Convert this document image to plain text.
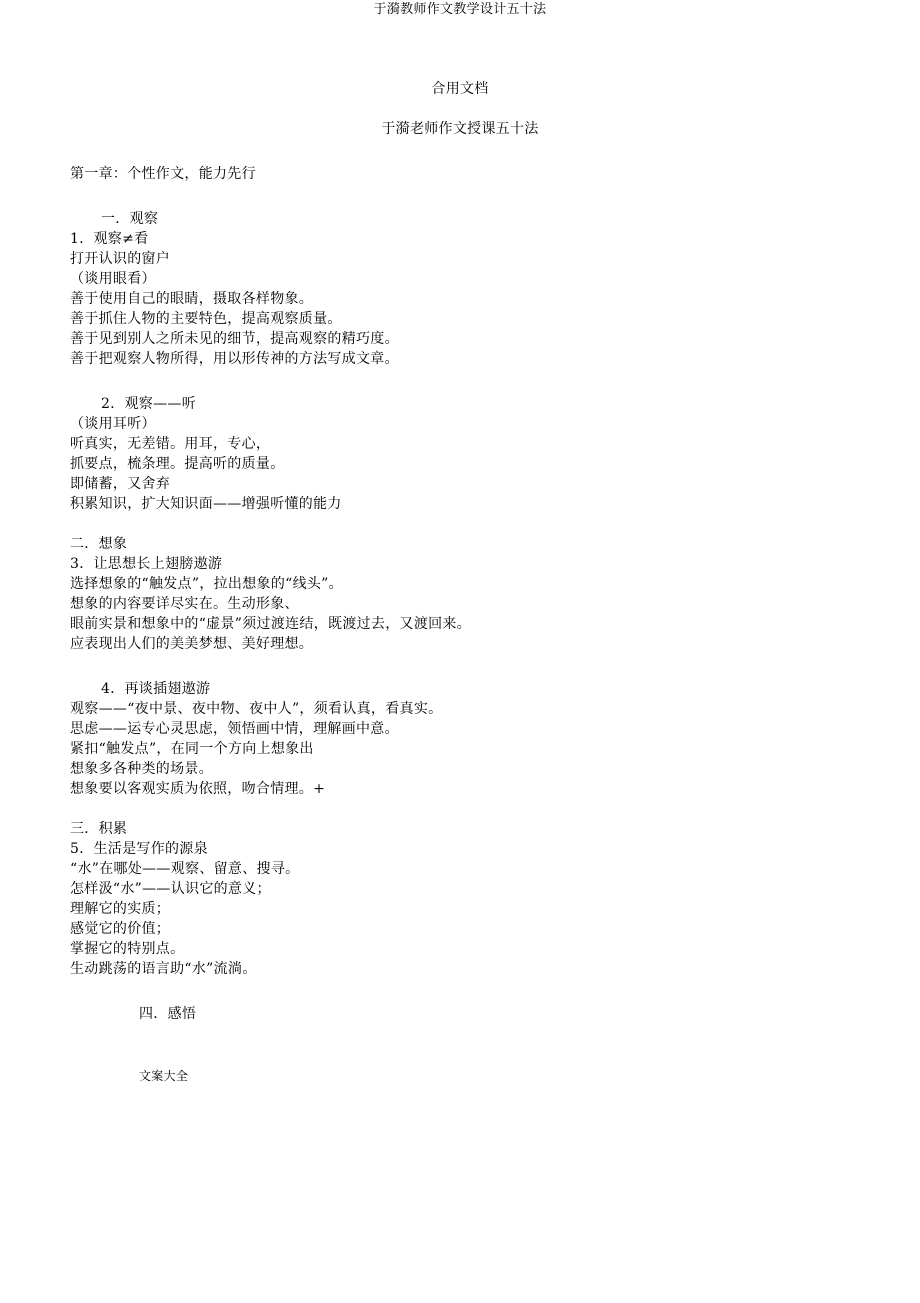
于漪教师作文教学设计五十法
合用文档
于漪老师作文授课五十法
第一章：个性作文，能力先行
一．观察
1．观察≠看
打开认识的窗户
（谈用眼看）
善于使用自己的眼睛，摄取各样物象。
善于抓住人物的主要特色，提高观察质量。
善于见到别人之所未见的细节，提高观察的精巧度。
善于把观察人物所得，用以形传神的方法写成文章。
2．观察——听
（谈用耳听）
听真实，无差错。用耳，专心，
抓要点，梳条理。提高听的质量。
即储蓄，又舍弃
积累知识，扩大知识面——增强听懂的能力
二．想象
3．让思想长上翅膀遨游
选择想象的“触发点”，拉出想象的“线头”。
想象的内容要详尽实在。生动形象、
眼前实景和想象中的“虚景”须过渡连结，既渡过去，又渡回来。
应表现出人们的美美梦想、美好理想。
4．再谈插翅遨游
观察——“夜中景、夜中物、夜中人”，须看认真，看真实。
思虑——运专心灵思虑，领悟画中情，理解画中意。
紧扣“触发点”，在同一个方向上想象出
想象多各种类的场景。
想象要以客观实质为依照，吻合情理。+
三．积累
5．生活是写作的源泉
“水”在哪处——观察、留意、搜寻。
怎样汲“水”——认识它的意义；
理解它的实质；
感觉它的价值；
掌握它的特别点。
生动跳荡的语言助“水”流淌。
四．感悟
文案大全
